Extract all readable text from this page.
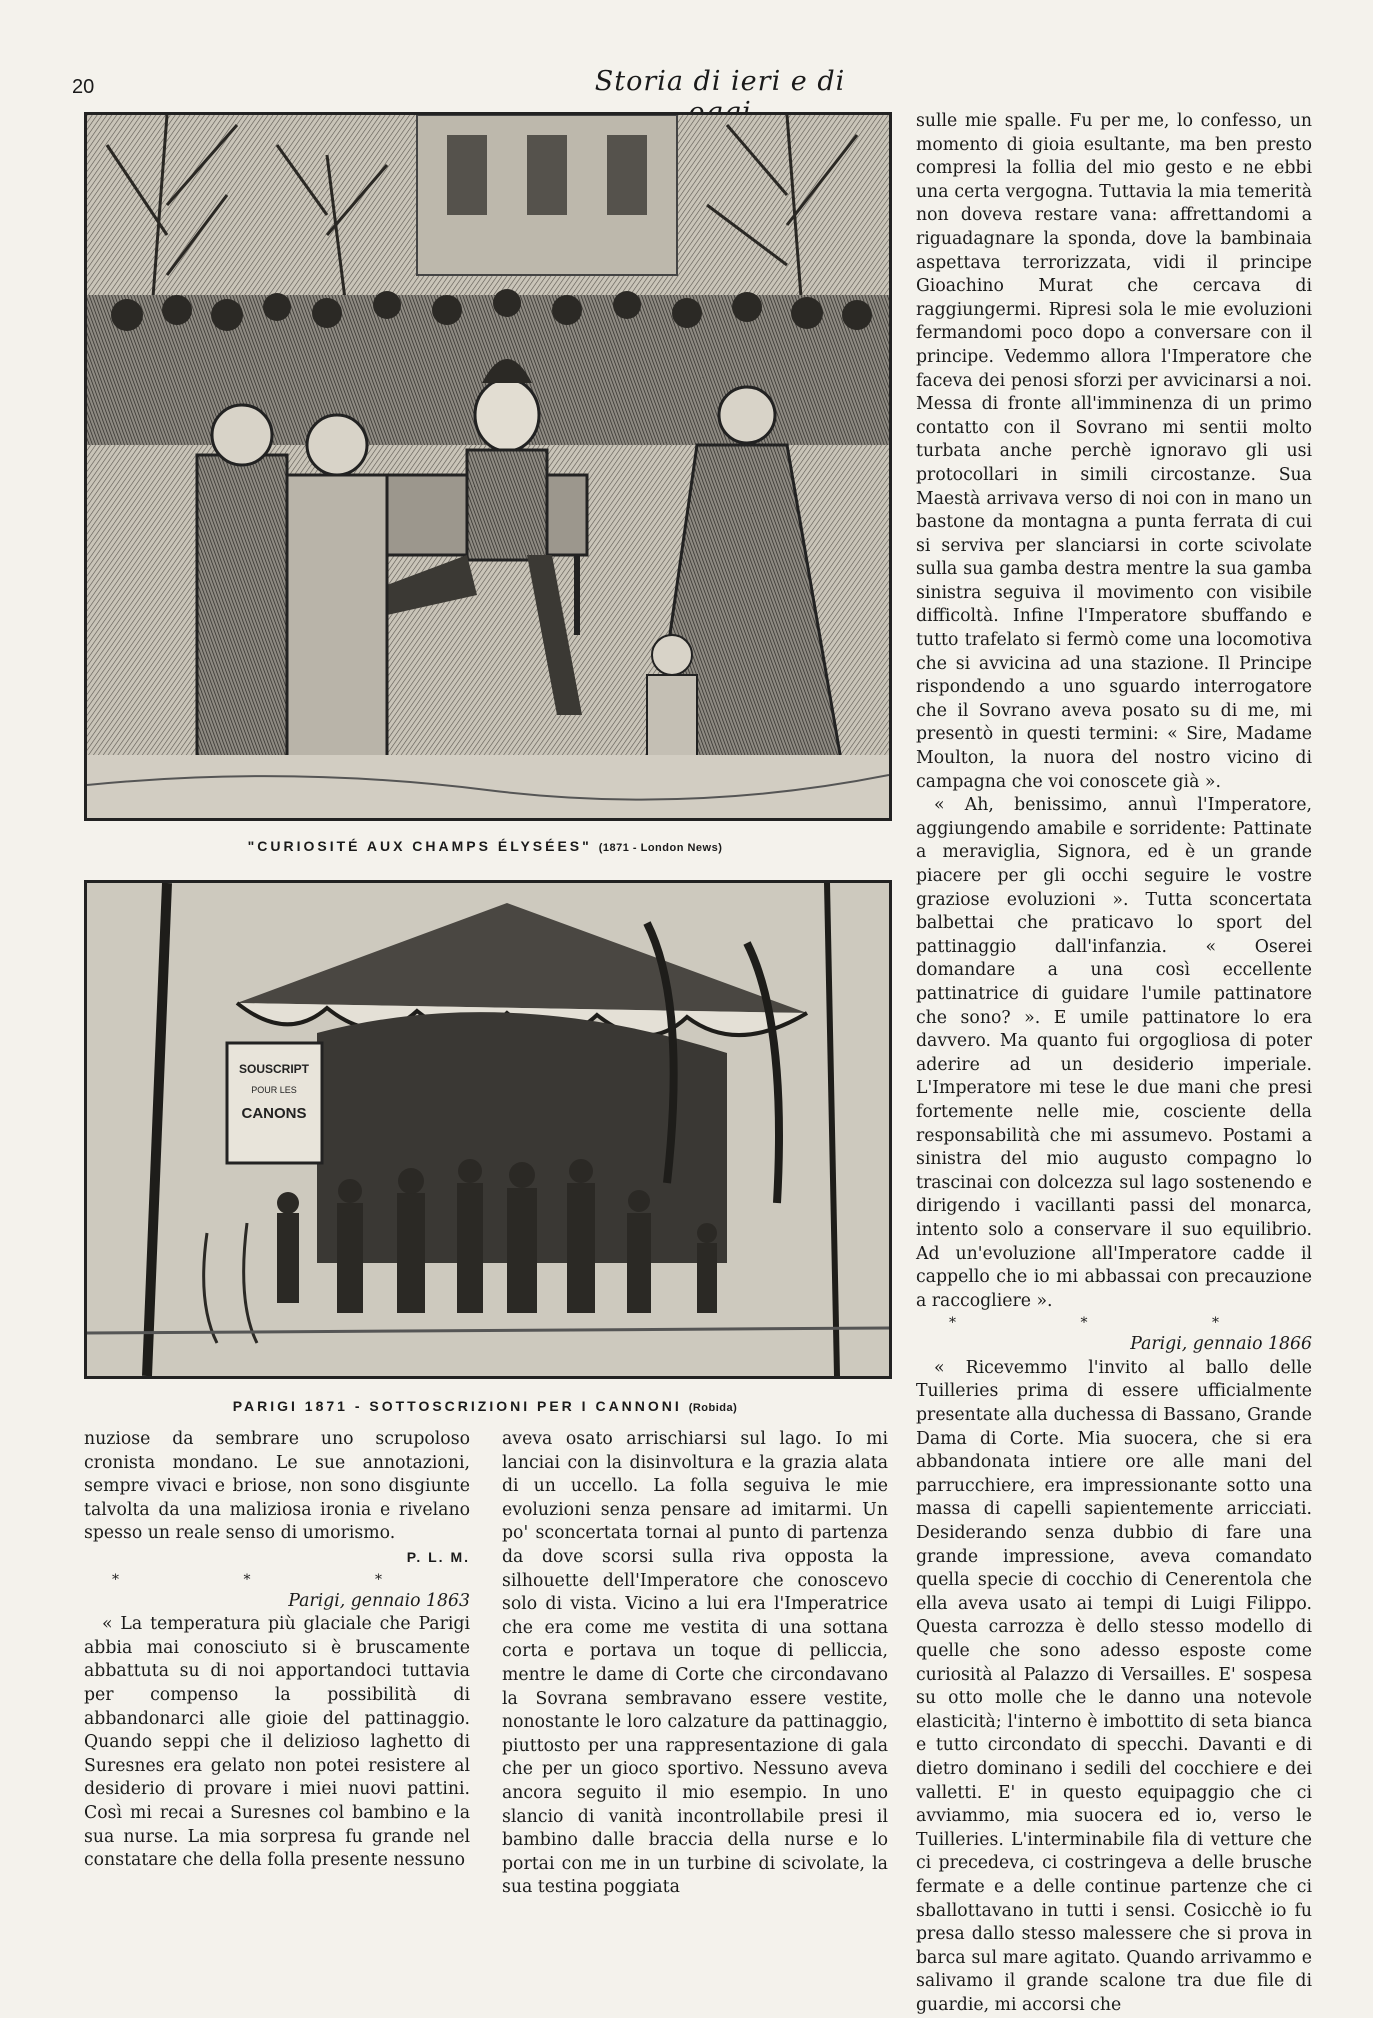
20	Storia di ieri e di
"CURIOSITÉ AUX CHAMPS ÉLYSÉES" (1871 - London News)
SOUSCRIPT
POUR LES
CANONS
PARIGI 1871 - SOTTOSCRIZIONI PER I CANNONI (Robida)

nuziose da sembrare uno scrupoloso cronista mondano. Le sue annotazioni, sempre vivaci e briose, non sono disgiunte talvolta da una maliziosa ironia e rivelano spesso un reale senso di umorismo.

P. L. M.

* * *

Parigi, gennaio 1863

« La temperatura più glaciale che Parigi abbia mai conosciuto si è bruscamente abbattuta su di noi apportandoci tuttavia per compenso la possibilità di abbandonarci alle gioie del pattinaggio. Quando seppi che il delizioso laghetto di Suresnes era gelato non potei resistere al desiderio di provare i miei nuovi pattini. Così mi recai a Suresnes col bambino e la sua nurse. La mia sorpresa fu grande nel constatare che della folla presente nessuno

aveva osato arrischiarsi sul lago. Io mi lanciai con la disinvoltura e la grazia alata di un uccello. La folla seguiva le mie evoluzioni senza pensare ad imitarmi. Un po' sconcertata tornai al punto di partenza da dove scorsi sulla riva opposta la silhouette dell'Imperatore che conoscevo solo di vista. Vicino a lui era l'Imperatrice che era come me vestita di una sottana corta e portava un toque di pelliccia, mentre le dame di Corte che circondavano la Sovrana sembravano essere vestite, nonostante le loro calzature da pattinaggio, piuttosto per una rappresentazione di gala che per un gioco sportivo. Nessuno aveva ancora seguito il mio esempio. In uno slancio di vanità incontrollabile presi il bambino dalle braccia della nurse e lo portai con me in un turbine di scivolate, la sua testina poggiata

sulle mie spalle. Fu per me, lo confesso, un momento di gioia esultante, ma ben presto compresi la follia del mio gesto e ne ebbi una certa vergogna. Tuttavia la mia temerità non doveva restare vana: affrettandomi a riguadagnare la sponda, dove la bambinaia aspettava terrorizzata, vidi il principe Gioachino Murat che cercava di raggiungermi. Ripresi sola le mie evoluzioni fermandomi poco dopo a conversare con il principe. Vedemmo allora l'Imperatore che faceva dei penosi sforzi per avvicinarsi a noi. Messa di fronte all'imminenza di un primo contatto con il Sovrano mi sentii molto turbata anche perchè ignoravo gli usi protocollari in simili circostanze. Sua Maestà arrivava verso di noi con in mano un bastone da montagna a punta ferrata di cui si serviva per slanciarsi in corte scivolate sulla sua gamba destra mentre la sua gamba sinistra seguiva il movimento con visibile difficoltà. Infine l'Imperatore sbuffando e tutto trafelato si fermò come una locomotiva che si avvicina ad una stazione. Il Principe rispondendo a uno sguardo interrogatore che il Sovrano aveva posato su di me, mi presentò in questi termini: « Sire, Madame Moulton, la nuora del nostro vicino di campagna che voi conoscete già ».

« Ah, benissimo, annuì l'Imperatore, aggiungendo amabile e sorridente: Pattinate a meraviglia, Signora, ed è un grande piacere per gli occhi seguire le vostre graziose evoluzioni ». Tutta sconcertata balbettai che praticavo lo sport del pattinaggio dall'infanzia. « Oserei domandare a una così eccellente pattinatrice di guidare l'umile pattinatore che sono? ». E umile pattinatore lo era davvero. Ma quanto fui orgogliosa di poter aderire ad un desiderio imperiale. L'Imperatore mi tese le due mani che presi fortemente nelle mie, cosciente della responsabilità che mi assumevo. Postami a sinistra del mio augusto compagno lo trascinai con dolcezza sul lago sostenendo e dirigendo i vacillanti passi del monarca, intento solo a conservare il suo equilibrio. Ad un'evoluzione all'Imperatore cadde il cappello che io mi abbassai con precauzione a raccogliere ».

* * *

Parigi, gennaio 1866

« Ricevemmo l'invito al ballo delle Tuilleries prima di essere ufficialmente presentate alla duchessa di Bassano, Grande Dama di Corte. Mia suocera, che si era abbandonata intiere ore alle mani del parrucchiere, era impressionante sotto una massa di capelli sapientemente arricciati. Desiderando senza dubbio di fare una grande impressione, aveva comandato quella specie di cocchio di Cenerentola che ella aveva usato ai tempi di Luigi Filippo. Questa carrozza è dello stesso modello di quelle che sono adesso esposte come curiosità al Palazzo di Versailles. E' sospesa su otto molle che le danno una notevole elasticità; l'interno è imbottito di seta bianca e tutto circondato di specchi. Davanti e di dietro dominano i sedili del cocchiere e dei valletti. E' in questo equipaggio che ci avviammo, mia suocera ed io, verso le Tuilleries. L'interminabile fila di vetture che ci precedeva, ci costringeva a delle brusche fermate e a delle continue partenze che ci sballottavano in tutti i sensi. Cosicchè io fu presa dallo stesso malessere che si prova in barca sul mare agitato. Quando arrivammo e salivamo il grande scalone tra due file di guardie, mi accorsi che
